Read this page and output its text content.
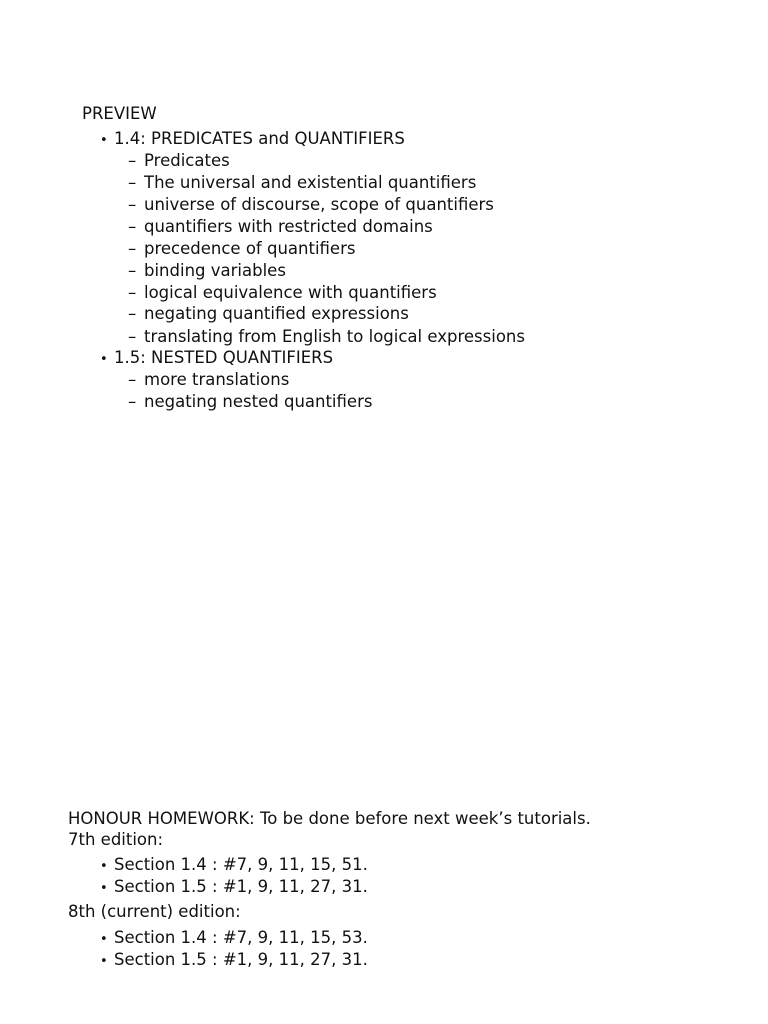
PREVIEW
• 1.4: PREDICATES and QUANTIFIERS
– Predicates
– The universal and existential quantifiers
– universe of discourse, scope of quantifiers
– quantifiers with restricted domains
– precedence of quantifiers
– binding variables
– logical equivalence with quantifiers
– negating quantified expressions
– translating from English to logical expressions
• 1.5: NESTED QUANTIFIERS
– more translations
– negating nested quantifiers
HONOUR HOMEWORK: To be done before next week’s tutorials.
7th edition:
• Section 1.4 : #7, 9, 11, 15, 51.
• Section 1.5 : #1, 9, 11, 27, 31.
8th (current) edition:
• Section 1.4 : #7, 9, 11, 15, 53.
• Section 1.5 : #1, 9, 11, 27, 31.
